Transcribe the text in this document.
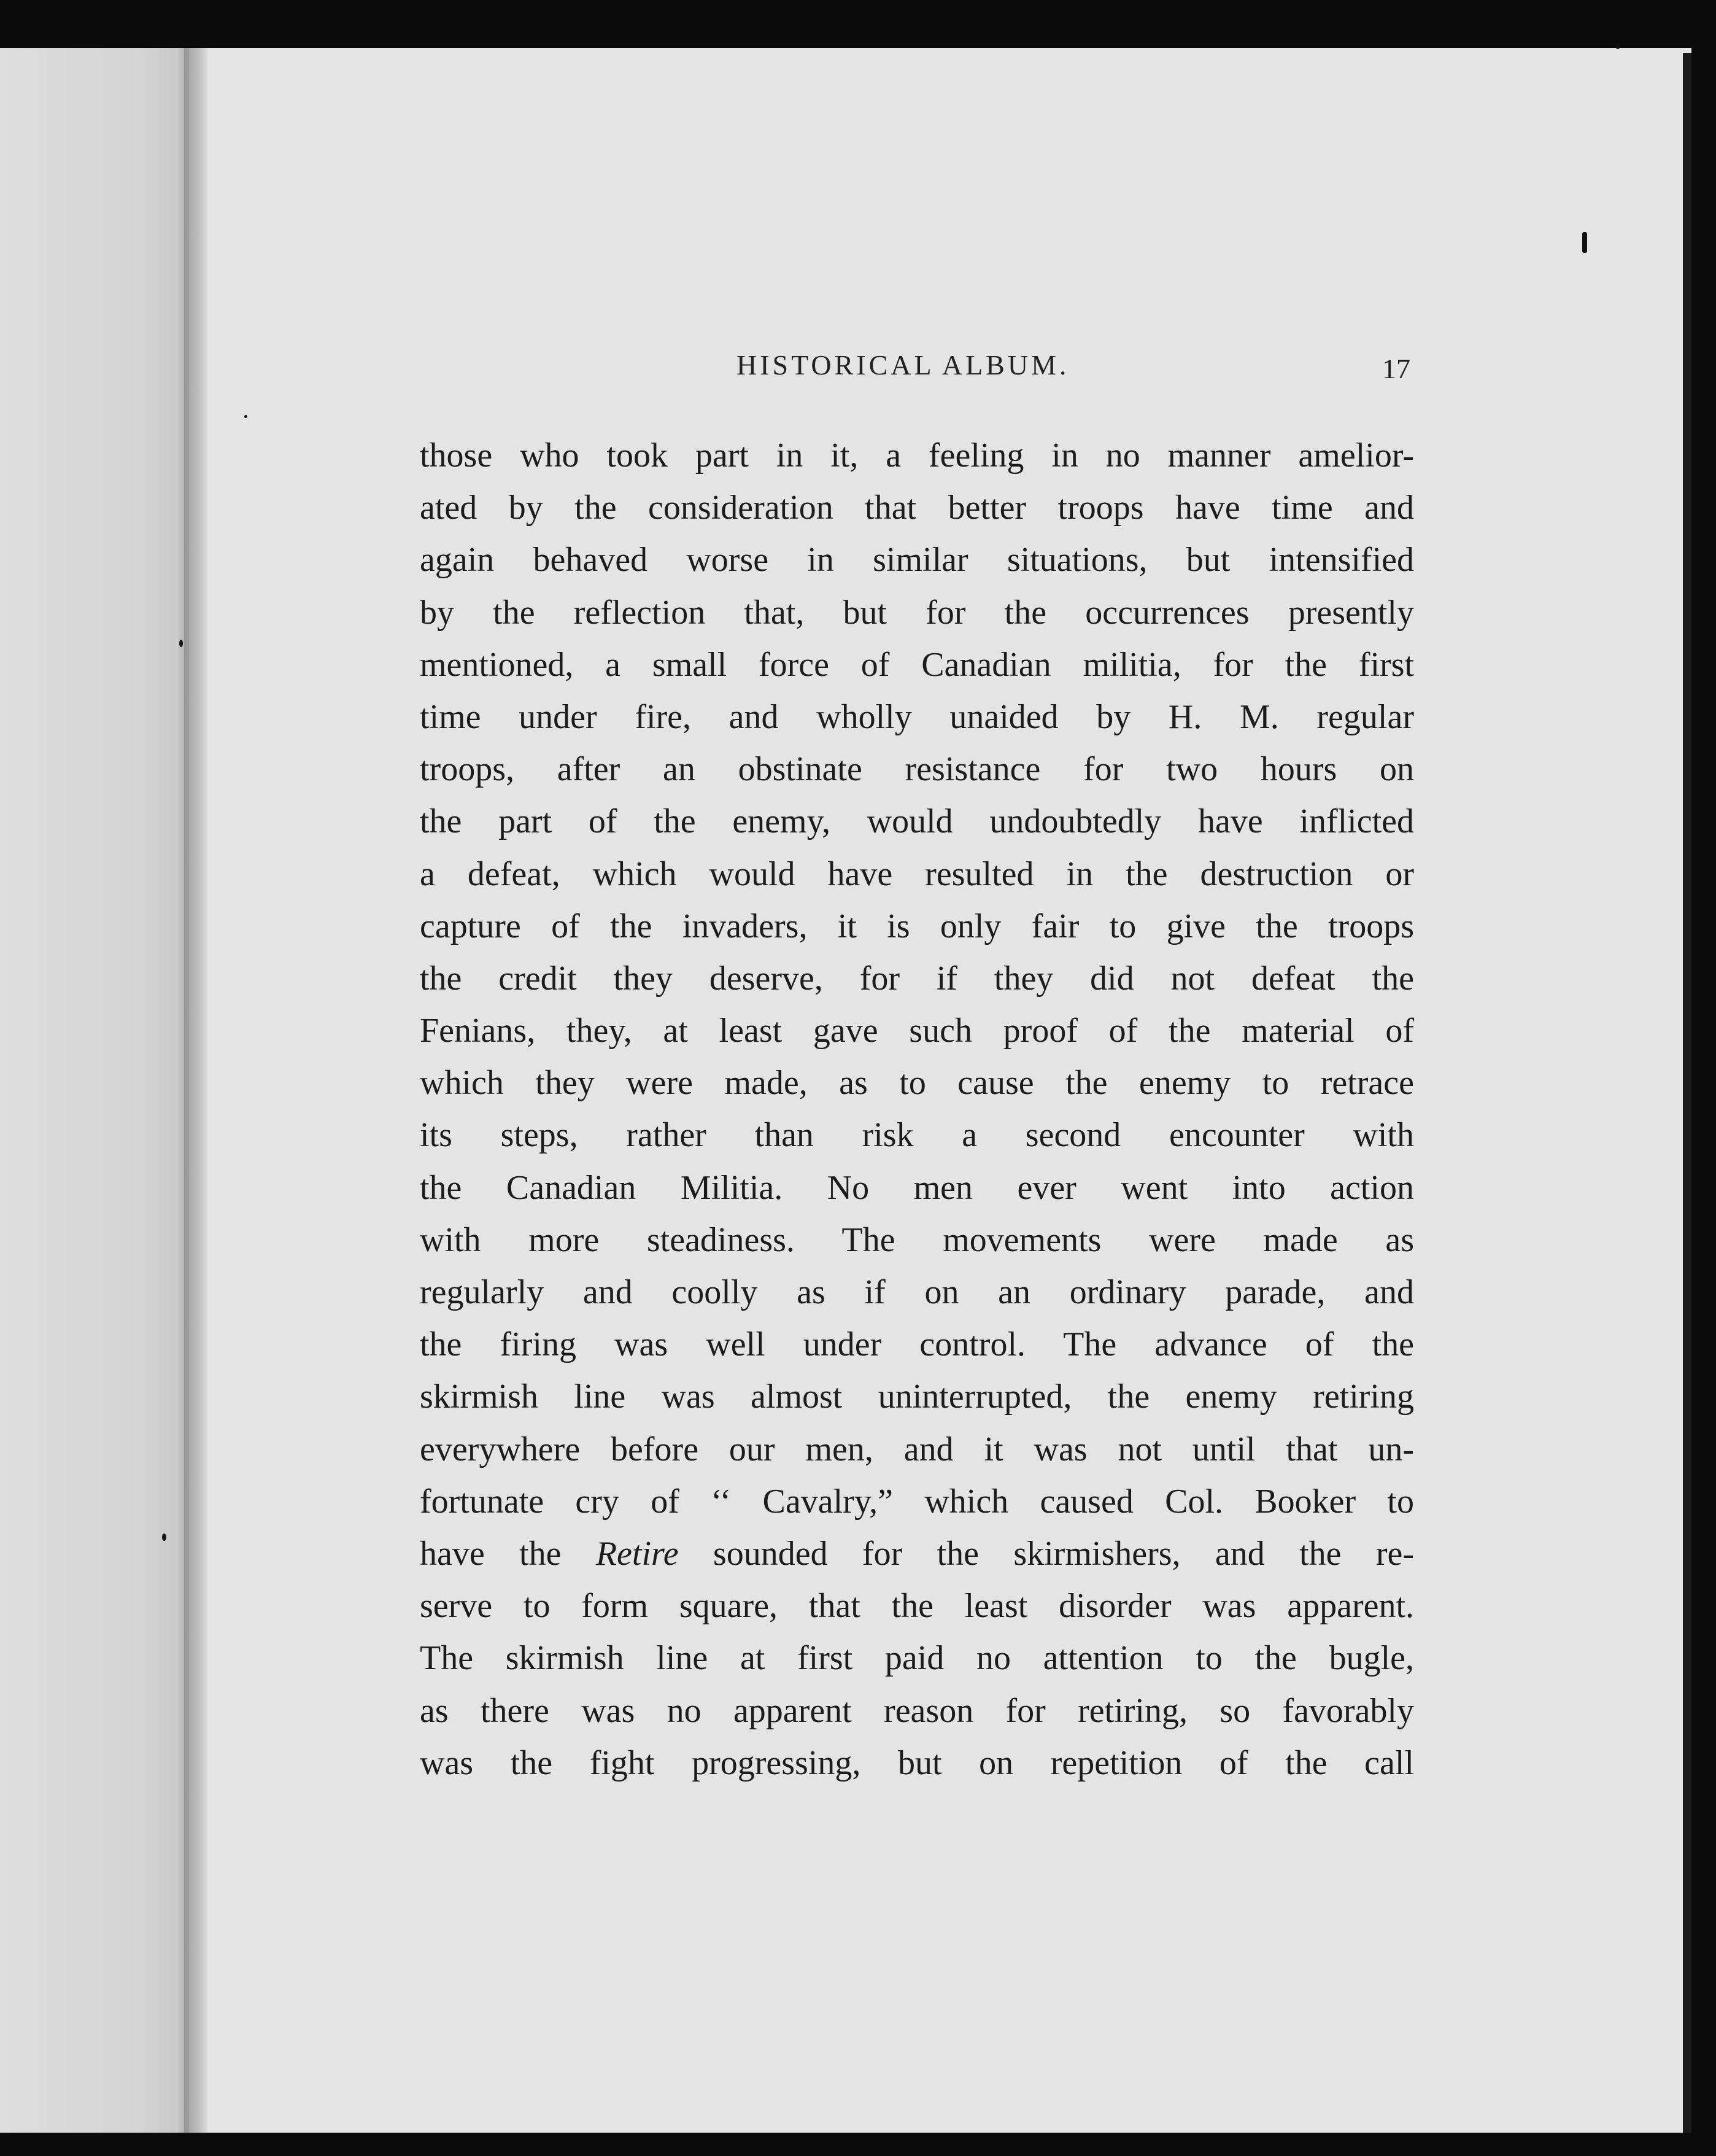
HISTORICAL ALBUM.	17
those who took part in it, a feeling in no manner amelior-
ated by the consideration that better troops have time and
again behaved worse in similar situations, but intensified
by the reflection that, but for the occurrences presently
mentioned, a small force of Canadian militia, for the first
time under fire, and wholly unaided by H. M. regular
troops, after an obstinate resistance for two hours on
the part of the enemy, would undoubtedly have inflicted
a defeat, which would have resulted in the destruction or
capture of the invaders, it is only fair to give the troops
the credit they deserve, for if they did not defeat the
Fenians, they, at least gave such proof of the material of
which they were made, as to cause the enemy to retrace
its steps, rather than risk a second encounter with
the Canadian Militia. No men ever went into action
with more steadiness. The movements were made as
regularly and coolly as if on an ordinary parade, and
the firing was well under control. The advance of the
skirmish line was almost uninterrupted, the enemy retiring
everywhere before our men, and it was not until that un-
fortunate cry of ‘‘ Cavalry,” which caused Col. Booker to
have the Retire sounded for the skirmishers, and the re-
serve to form square, that the least disorder was apparent.
The skirmish line at first paid no attention to the bugle,
as there was no apparent reason for retiring, so favorably
was the fight progressing, but on repetition of the call
